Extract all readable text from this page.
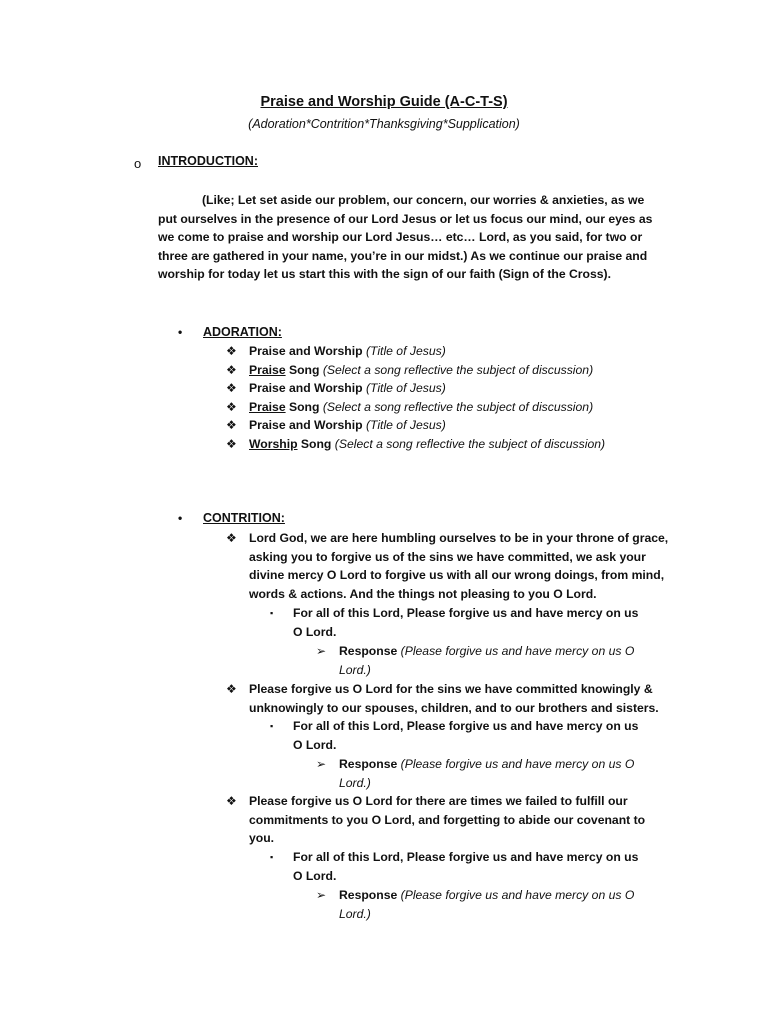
Praise and Worship Guide (A-C-T-S)
(Adoration*Contrition*Thanksgiving*Supplication)
o INTRODUCTION:

(Like; Let set aside our problem, our concern, our worries & anxieties, as we put ourselves in the presence of our Lord Jesus or let us focus our mind, our eyes as we come to praise and worship our Lord Jesus… etc… Lord, as you said, for two or three are gathered in your name, you’re in our midst.) As we continue our praise and worship for today let us start this with the sign of our faith (Sign of the Cross).

• ADORATION:
❖ Praise and Worship (Title of Jesus)
❖ Praise Song (Select a song reflective the subject of discussion)
❖ Praise and Worship (Title of Jesus)
❖ Praise Song (Select a song reflective the subject of discussion)
❖ Praise and Worship (Title of Jesus)
❖ Worship Song (Select a song reflective the subject of discussion)
• CONTRITION:
❖ Lord God, we are here humbling ourselves to be in your throne of grace, asking you to forgive us of the sins we have committed, we ask your divine mercy O Lord to forgive us with all our wrong doings, from mind, words & actions. And the things not pleasing to you O Lord.
▪ For all of this Lord, Please forgive us and have mercy on us O Lord.
➢ Response (Please forgive us and have mercy on us O Lord.)
❖ Please forgive us O Lord for the sins we have committed knowingly & unknowingly to our spouses, children, and to our brothers and sisters.
▪ For all of this Lord, Please forgive us and have mercy on us O Lord.
➢ Response (Please forgive us and have mercy on us O Lord.)
❖ Please forgive us O Lord for there are times we failed to fulfill our commitments to you O Lord, and forgetting to abide our covenant to you.
▪ For all of this Lord, Please forgive us and have mercy on us O Lord.
➢ Response (Please forgive us and have mercy on us O Lord.)
